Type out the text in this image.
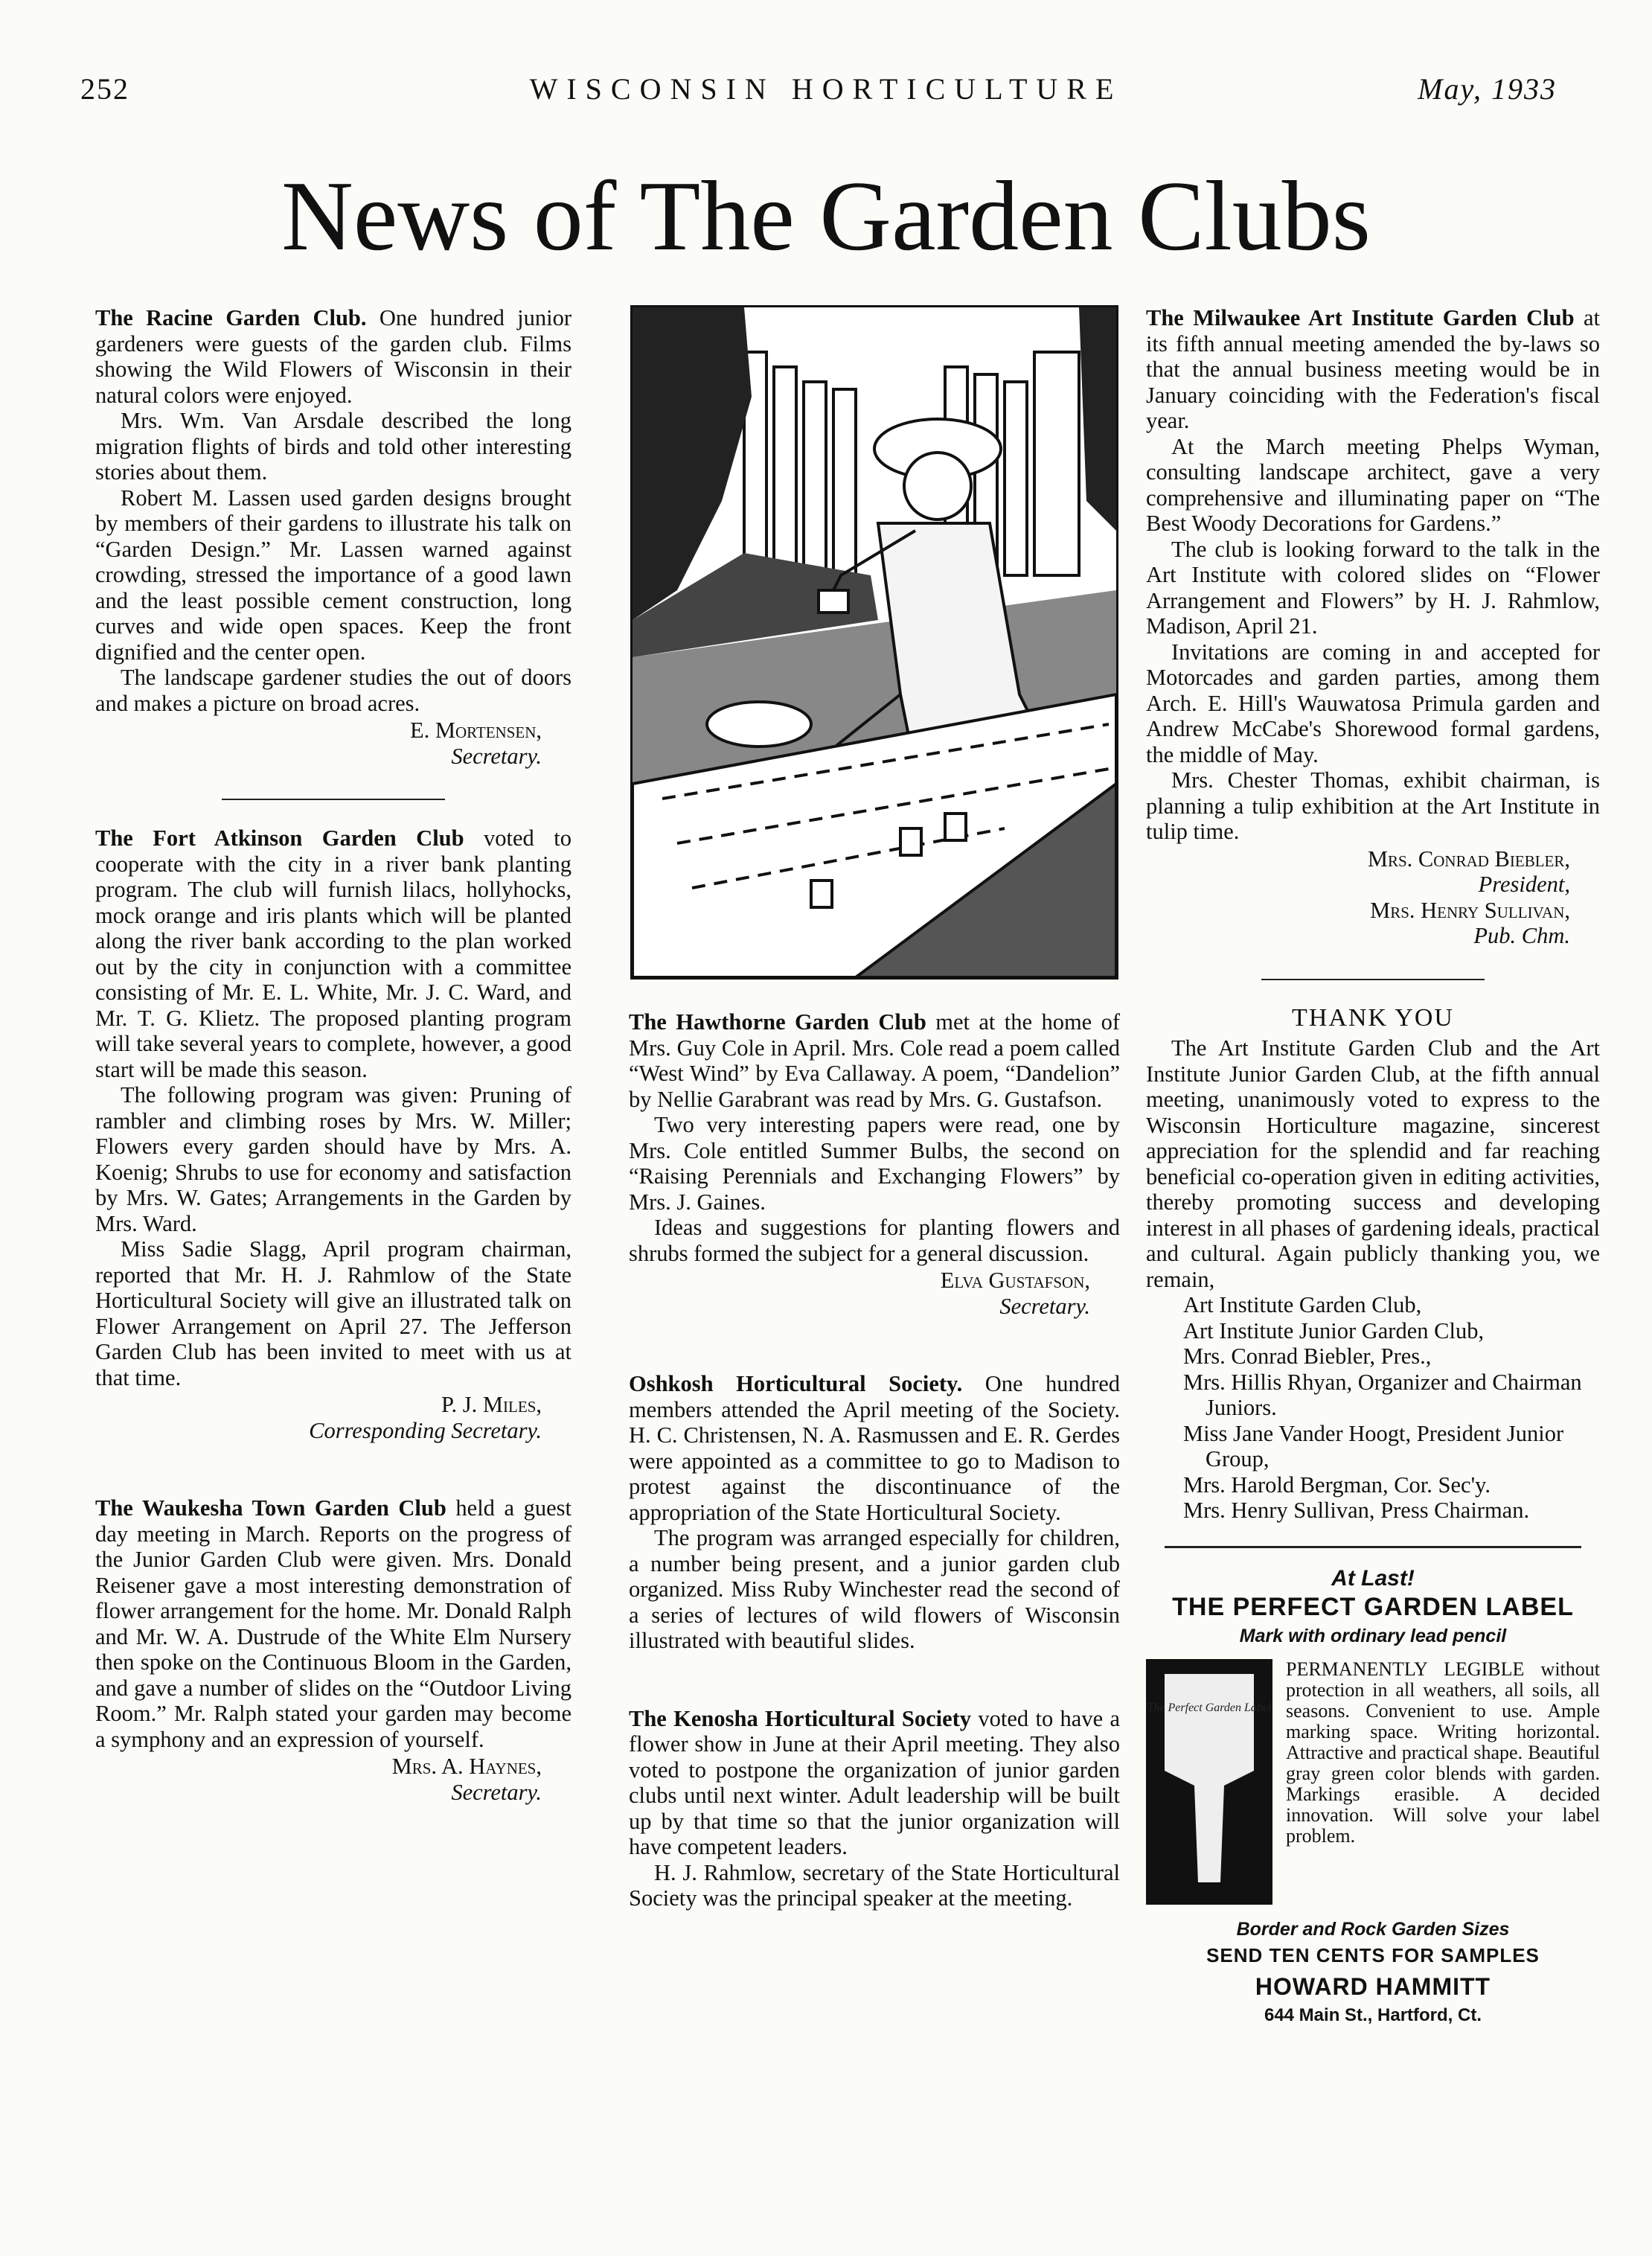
252	WISCONSIN HORTICULTURE	May, 1933
News of The Garden Clubs

The Racine Garden Club. One hundred junior gardeners were guests of the garden club. Films showing the Wild Flowers of Wisconsin in their natural colors were enjoyed.

Mrs. Wm. Van Arsdale described the long migration flights of birds and told other interesting stories about them.

Robert M. Lassen used garden designs brought by members of their gardens to illustrate his talk on “Garden Design.” Mr. Lassen warned against crowding, stressed the importance of a good lawn and the least possible cement construction, long curves and wide open spaces. Keep the front dignified and the center open.

The landscape gardener studies the out of doors and makes a picture on broad acres.

E. Mortensen,
Secretary.

The Fort Atkinson Garden Club voted to cooperate with the city in a river bank planting program. The club will furnish lilacs, hollyhocks, mock orange and iris plants which will be planted along the river bank according to the plan worked out by the city in conjunction with a committee consisting of Mr. E. L. White, Mr. J. C. Ward, and Mr. T. G. Klietz. The proposed planting program will take several years to complete, however, a good start will be made this season.

The following program was given: Pruning of rambler and climbing roses by Mrs. W. Miller; Flowers every garden should have by Mrs. A. Koenig; Shrubs to use for economy and satisfaction by Mrs. W. Gates; Arrangements in the Garden by Mrs. Ward.

Miss Sadie Slagg, April program chairman, reported that Mr. H. J. Rahmlow of the State Horticultural Society will give an illustrated talk on Flower Arrangement on April 27. The Jefferson Garden Club has been invited to meet with us at that time.

P. J. Miles,
Corresponding Secretary.

The Waukesha Town Garden Club held a guest day meeting in March. Reports on the progress of the Junior Garden Club were given. Mrs. Donald Reisener gave a most interesting demonstration of flower arrangement for the home. Mr. Donald Ralph and Mr. W. A. Dustrude of the White Elm Nursery then spoke on the Continuous Bloom in the Garden, and gave a number of slides on the “Outdoor Living Room.” Mr. Ralph stated your garden may become a symphony and an expression of yourself.

Mrs. A. Haynes,
Secretary.

The Hawthorne Garden Club met at the home of Mrs. Guy Cole in April. Mrs. Cole read a poem called “West Wind” by Eva Callaway. A poem, “Dandelion” by Nellie Garabrant was read by Mrs. G. Gustafson.

Two very interesting papers were read, one by Mrs. Cole entitled Summer Bulbs, the second on “Raising Perennials and Exchanging Flowers” by Mrs. J. Gaines.

Ideas and suggestions for planting flowers and shrubs formed the subject for a general discussion.

Elva Gustafson,
Secretary.

Oshkosh Horticultural Society. One hundred members attended the April meeting of the Society. H. C. Christensen, N. A. Rasmussen and E. R. Gerdes were appointed as a committee to go to Madison to protest against the discontinuance of the appropriation of the State Horticultural Society.

The program was arranged especially for children, a number being present, and a junior garden club organized. Miss Ruby Winchester read the second of a series of lectures of wild flowers of Wisconsin illustrated with beautiful slides.

The Kenosha Horticultural Society voted to have a flower show in June at their April meeting. They also voted to postpone the organization of junior garden clubs until next winter. Adult leadership will be built up by that time so that the junior organization will have competent leaders.

H. J. Rahmlow, secretary of the State Horticultural Society was the principal speaker at the meeting.

The Milwaukee Art Institute Garden Club at its fifth annual meeting amended the by-laws so that the annual business meeting would be in January coinciding with the Federation's fiscal year.

At the March meeting Phelps Wyman, consulting landscape architect, gave a very comprehensive and illuminating paper on “The Best Woody Decorations for Gardens.”

The club is looking forward to the talk in the Art Institute with colored slides on “Flower Arrangement and Flowers” by H. J. Rahmlow, Madison, April 21.

Invitations are coming in and accepted for Motorcades and garden parties, among them Arch. E. Hill's Wauwatosa Primula garden and Andrew McCabe's Shorewood formal gardens, the middle of May.

Mrs. Chester Thomas, exhibit chairman, is planning a tulip exhibition at the Art Institute in tulip time.

Mrs. Conrad Biebler,
President,
Mrs. Henry Sullivan,
Pub. Chm.
THANK YOU

The Art Institute Garden Club and the Art Institute Junior Garden Club, at the fifth annual meeting, unanimously voted to express to the Wisconsin Horticulture magazine, sincerest appreciation for the splendid and far reaching beneficial co-operation given in editing activities, thereby promoting success and developing interest in all phases of gardening ideals, practical and cultural. Again publicly thanking you, we remain,

Art Institute Garden Club,
Art Institute Junior Garden Club,
Mrs. Conrad Biebler, Pres.,
Mrs. Hillis Rhyan, Organizer and Chairman Juniors.
Miss Jane Vander Hoogt, President Junior Group,
Mrs. Harold Bergman, Cor. Sec'y.
Mrs. Henry Sullivan, Press Chairman.
At Last!
THE PERFECT GARDEN LABEL
Mark with ordinary lead pencil
The Perfect Garden Label
PERMANENTLY LEGIBLE without protection in all weathers, all soils, all seasons. Convenient to use. Ample marking space. Writing horizontal. Attractive and practical shape. Beautiful gray green color blends with garden. Markings erasible. A decided innovation. Will solve your label problem.
Border and Rock Garden Sizes
SEND TEN CENTS FOR SAMPLES
HOWARD HAMMITT
644 Main St., Hartford, Ct.
